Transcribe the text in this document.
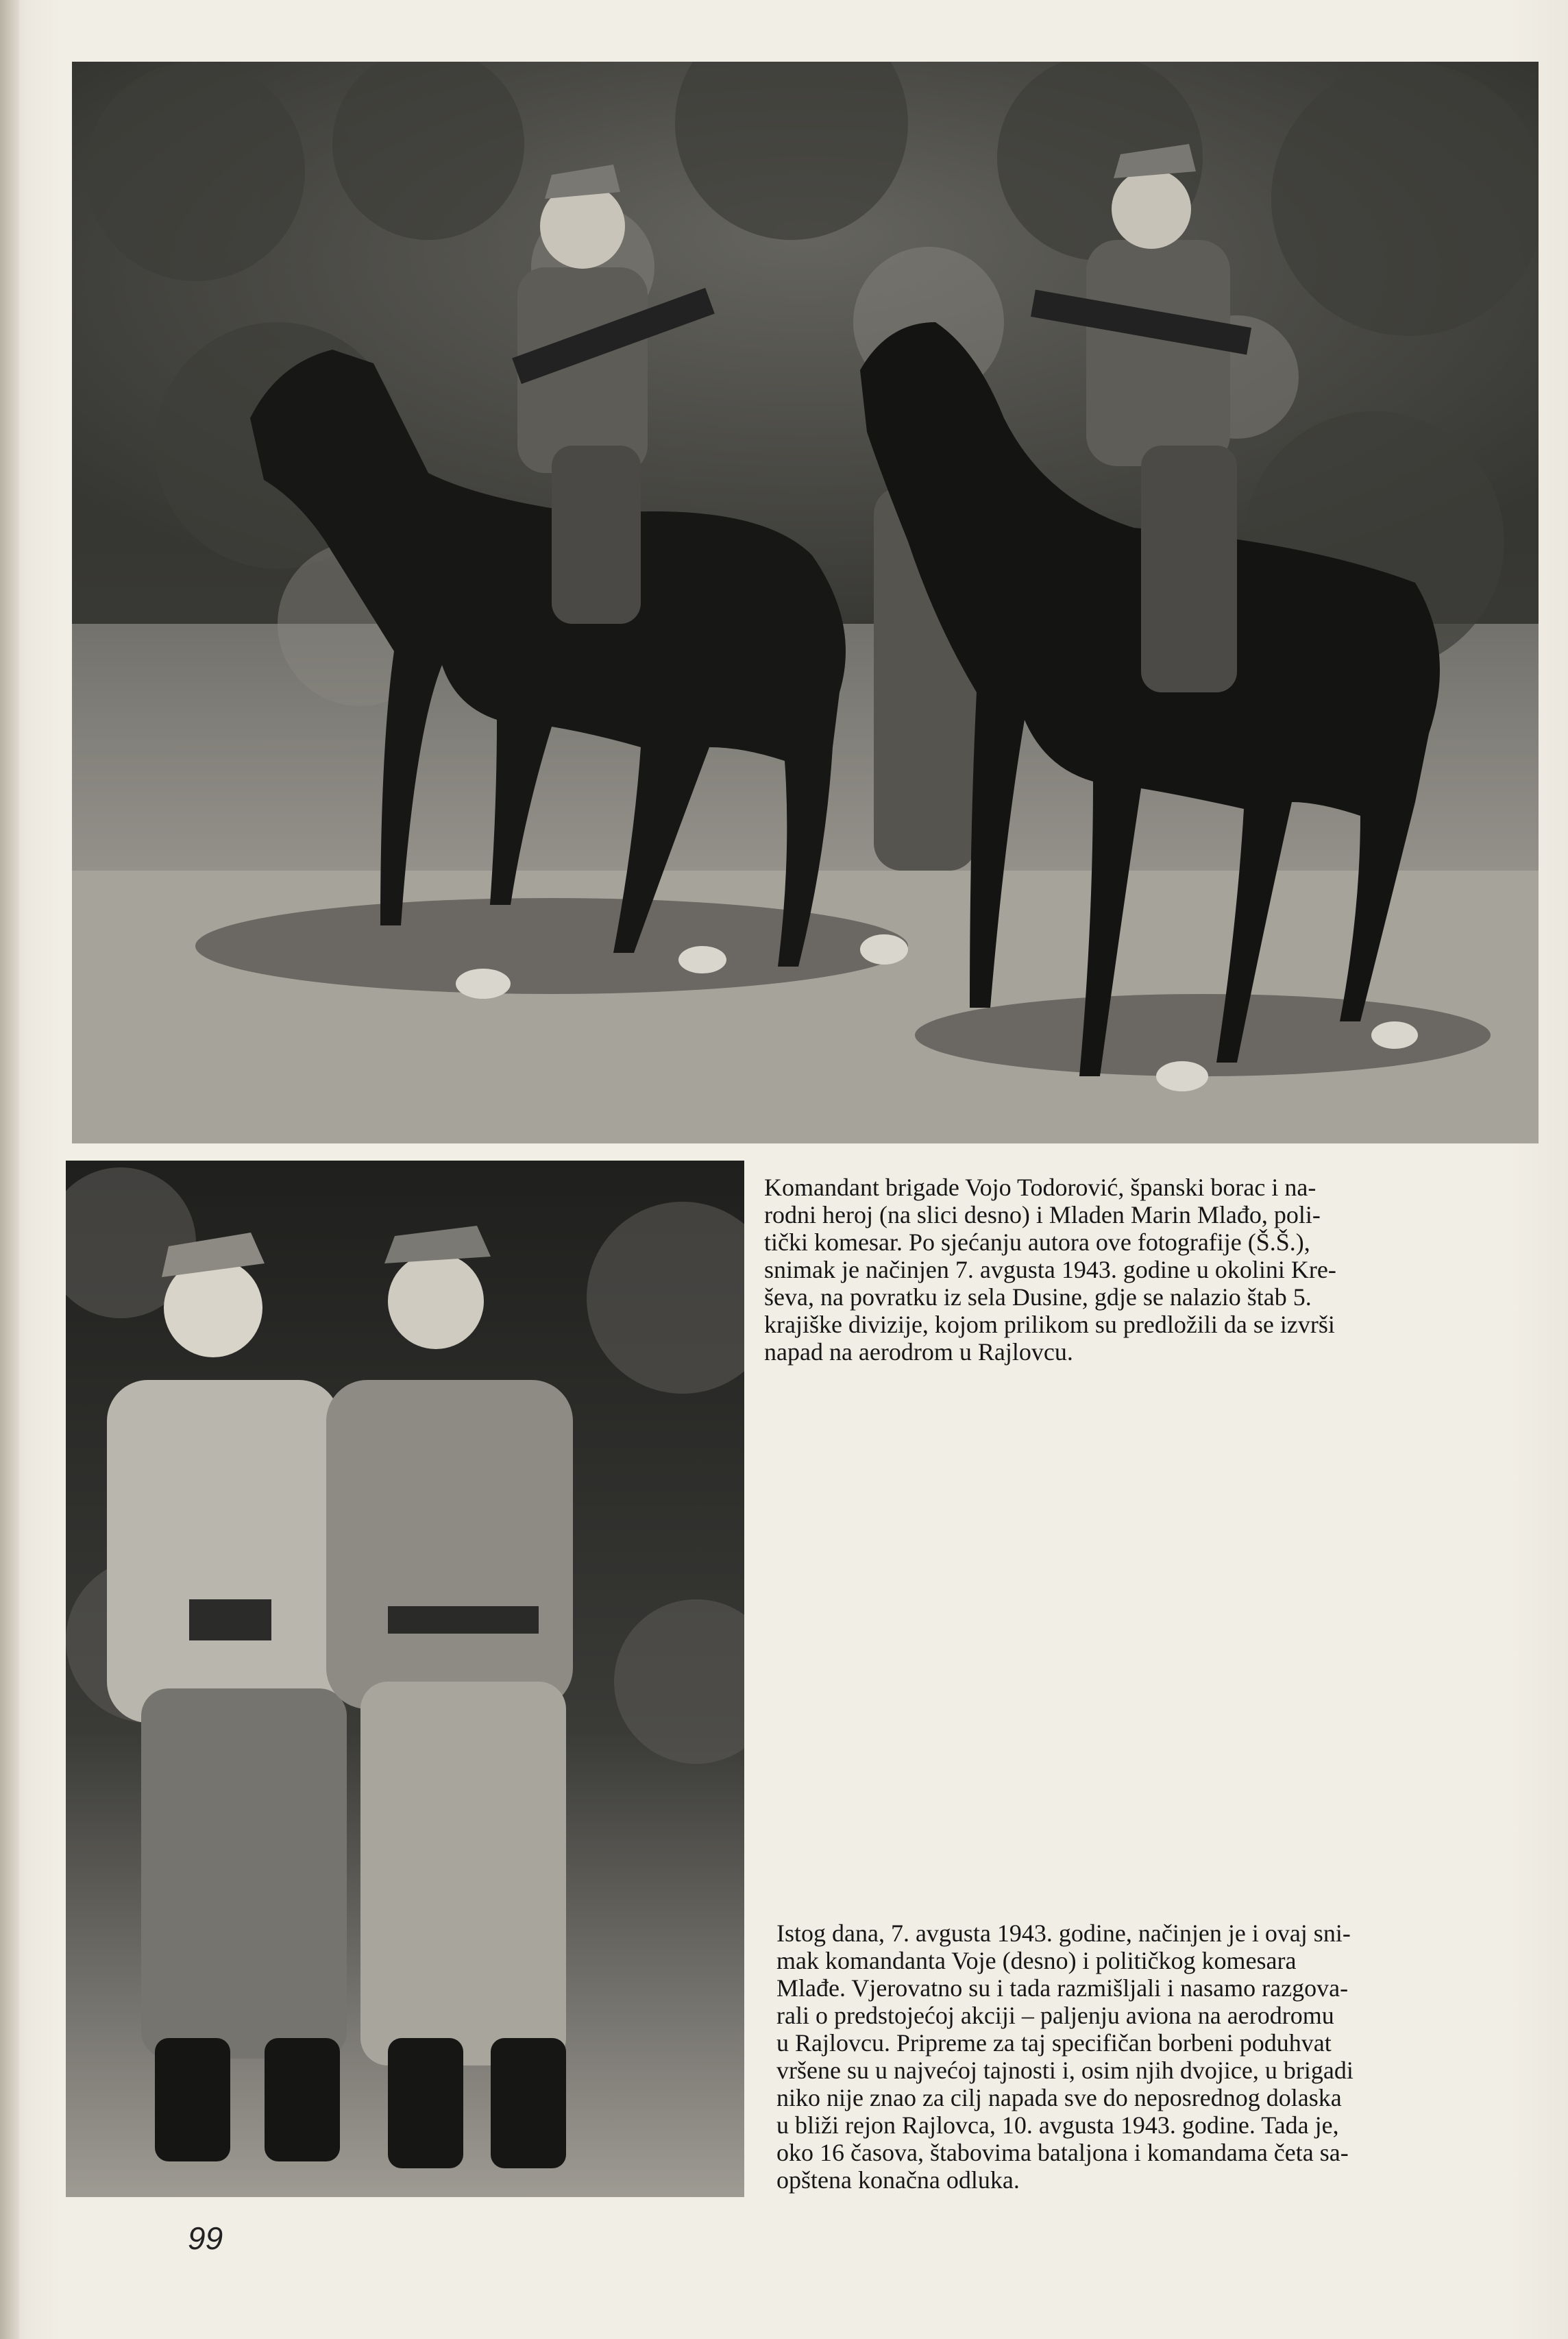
Komandant brigade Vojo Todorović, španski borac i na-
rodni heroj (na slici desno) i Mladen Marin Mlađo, poli-
tički komesar. Po sjećanju autora ove fotografije (Š.Š.),
snimak je načinjen 7. avgusta 1943. godine u okolini Kre-
ševa, na povratku iz sela Dusine, gdje se nalazio štab 5.
krajiške divizije, kojom prilikom su predložili da se izvrši
napad na aerodrom u Rajlovcu.

Istog dana, 7. avgusta 1943. godine, načinjen je i ovaj sni-
mak komandanta Voje (desno) i političkog komesara
Mlađe. Vjerovatno su i tada razmišljali i nasamo razgova-
rali o predstojećoj akciji – paljenju aviona na aerodromu
u Rajlovcu. Pripreme za taj specifičan borbeni poduhvat
vršene su u najvećoj tajnosti i, osim njih dvojice, u brigadi
niko nije znao za cilj napada sve do neposrednog dolaska
u bliži rejon Rajlovca, 10. avgusta 1943. godine. Tada je,
oko 16 časova, štabovima bataljona i komandama četa sa-
opštena konačna odluka.

99
